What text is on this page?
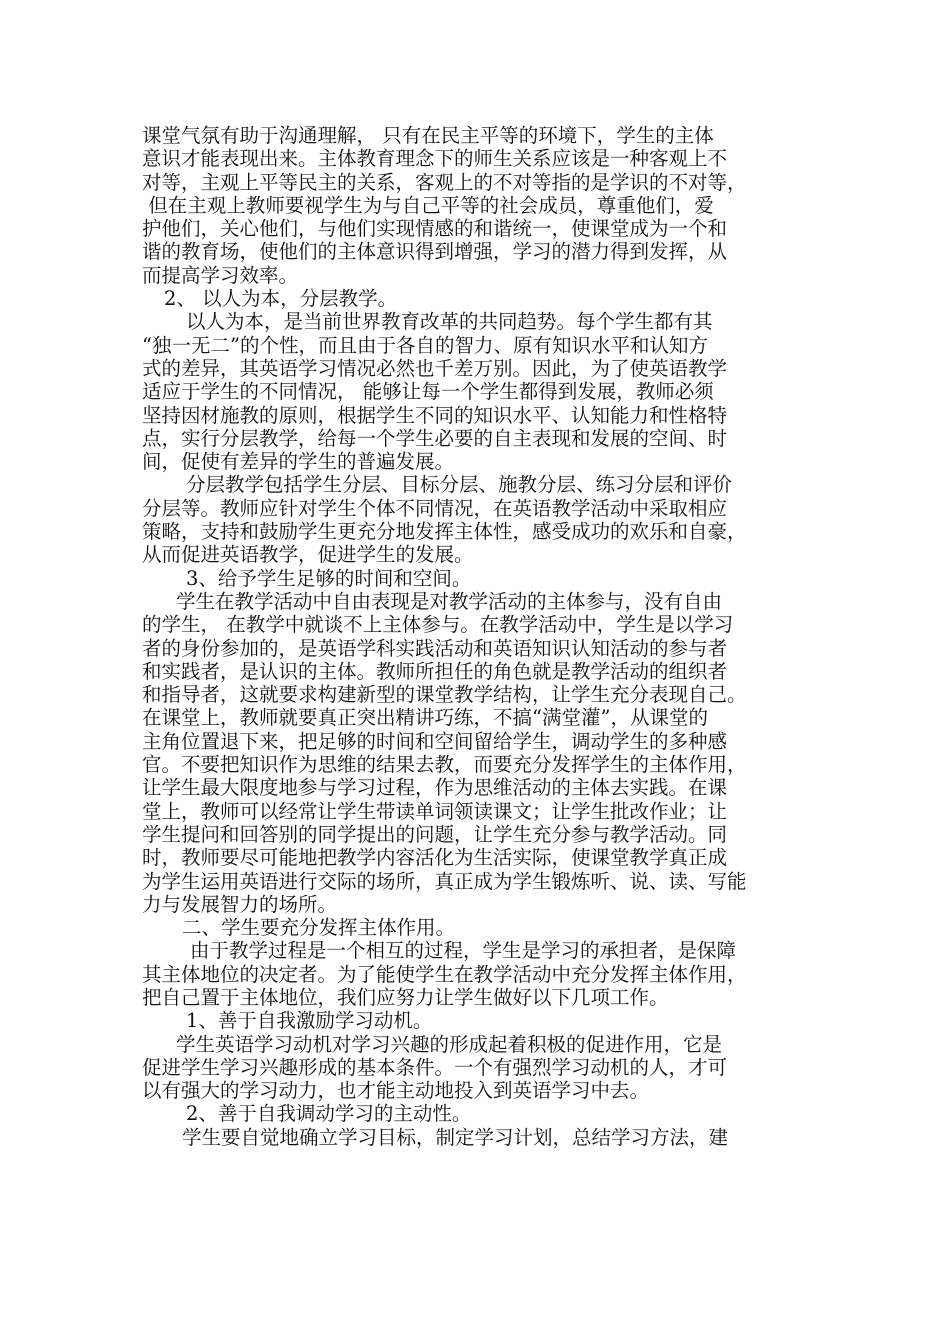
课堂气氛有助于沟通理解， 只有在民主平等的环境下，学生的主体
意识才能表现出来。主体教育理念下的师生关系应该是一种客观上不
对等，主观上平等民主的关系，客观上的不对等指的是学识的不对等，
但在主观上教师要视学生为与自己平等的社会成员，尊重他们，爱
护他们，关心他们，与他们实现情感的和谐统一，使课堂成为一个和
谐的教育场，使他们的主体意识得到增强，学习的潜力得到发挥，从
而提高学习效率。
2、 以人为本，分层教学。
以人为本，是当前世界教育改革的共同趋势。每个学生都有其
“独一无二”的个性，而且由于各自的智力、原有知识水平和认知方
式的差异，其英语学习情况必然也千差万别。因此，为了使英语教学
适应于学生的不同情况， 能够让每一个学生都得到发展，教师必须
坚持因材施教的原则，根据学生不同的知识水平、认知能力和性格特
点，实行分层教学，给每一个学生必要的自主表现和发展的空间、时
间，促使有差异的学生的普遍发展。
分层教学包括学生分层、目标分层、施教分层、练习分层和评价
分层等。教师应针对学生个体不同情况，在英语教学活动中采取相应
策略，支持和鼓励学生更充分地发挥主体性，感受成功的欢乐和自豪，
从而促进英语教学，促进学生的发展。
3、给予学生足够的时间和空间。
学生在教学活动中自由表现是对教学活动的主体参与，没有自由
的学生， 在教学中就谈不上主体参与。在教学活动中，学生是以学习
者的身份参加的，是英语学科实践活动和英语知识认知活动的参与者
和实践者，是认识的主体。教师所担任的角色就是教学活动的组织者
和指导者，这就要求构建新型的课堂教学结构，让学生充分表现自己。
在课堂上，教师就要真正突出精讲巧练，不搞“满堂灌”，从课堂的
主角位置退下来，把足够的时间和空间留给学生，调动学生的多种感
官。不要把知识作为思维的结果去教，而要充分发挥学生的主体作用，
让学生最大限度地参与学习过程，作为思维活动的主体去实践。在课
堂上，教师可以经常让学生带读单词领读课文；让学生批改作业；让
学生提问和回答别的同学提出的问题，让学生充分参与教学活动。同
时，教师要尽可能地把教学内容活化为生活实际，使课堂教学真正成
为学生运用英语进行交际的场所，真正成为学生锻炼听、说、读、写能
力与发展智力的场所。
二、学生要充分发挥主体作用。
由于教学过程是一个相互的过程，学生是学习的承担者，是保障
其主体地位的决定者。为了能使学生在教学活动中充分发挥主体作用，
把自己置于主体地位，我们应努力让学生做好以下几项工作。
1、善于自我激励学习动机。
学生英语学习动机对学习兴趣的形成起着积极的促进作用，它是
促进学生学习兴趣形成的基本条件。一个有强烈学习动机的人，才可
以有强大的学习动力，也才能主动地投入到英语学习中去。
2、善于自我调动学习的主动性。
学生要自觉地确立学习目标，制定学习计划，总结学习方法，建
